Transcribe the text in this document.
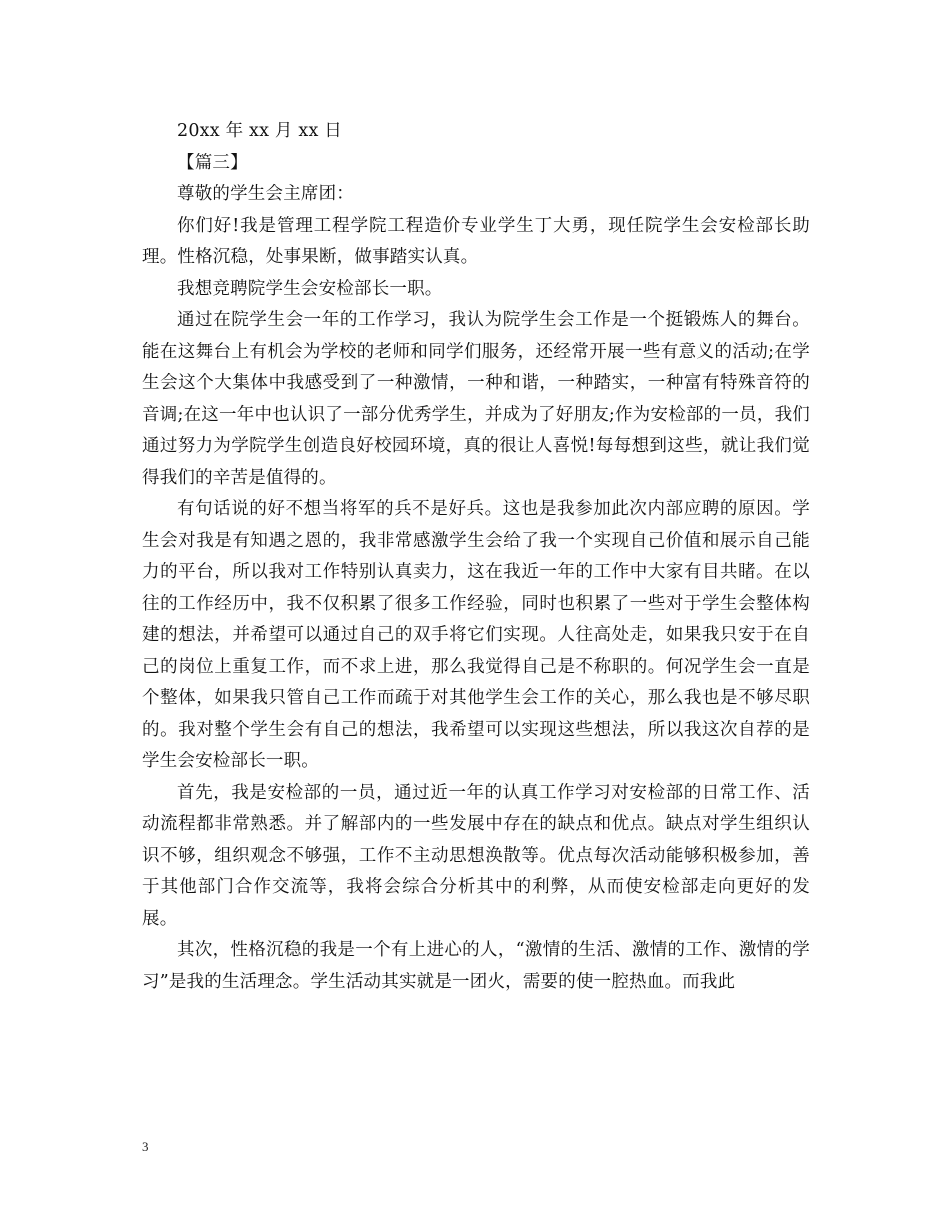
20xx 年 xx 月 xx 日

【篇三】

尊敬的学生会主席团：

你们好!我是管理工程学院工程造价专业学生丁大勇，现任院学生会安检部长助理。性格沉稳，处事果断，做事踏实认真。

我想竞聘院学生会安检部长一职。

通过在院学生会一年的工作学习，我认为院学生会工作是一个挺锻炼人的舞台。能在这舞台上有机会为学校的老师和同学们服务，还经常开展一些有意义的活动;在学生会这个大集体中我感受到了一种激情，一种和谐，一种踏实，一种富有特殊音符的音调;在这一年中也认识了一部分优秀学生，并成为了好朋友;作为安检部的一员，我们通过努力为学院学生创造良好校园环境，真的很让人喜悦!每每想到这些，就让我们觉得我们的辛苦是值得的。

有句话说的好不想当将军的兵不是好兵。这也是我参加此次内部应聘的原因。学生会对我是有知遇之恩的，我非常感激学生会给了我一个实现自己价值和展示自己能力的平台，所以我对工作特别认真卖力，这在我近一年的工作中大家有目共睹。在以往的工作经历中，我不仅积累了很多工作经验，同时也积累了一些对于学生会整体构建的想法，并希望可以通过自己的双手将它们实现。人往高处走，如果我只安于在自己的岗位上重复工作，而不求上进，那么我觉得自己是不称职的。何况学生会一直是个整体，如果我只管自己工作而疏于对其他学生会工作的关心，那么我也是不够尽职的。我对整个学生会有自己的想法，我希望可以实现这些想法，所以我这次自荐的是学生会安检部长一职。

首先，我是安检部的一员，通过近一年的认真工作学习对安检部的日常工作、活动流程都非常熟悉。并了解部内的一些发展中存在的缺点和优点。缺点对学生组织认识不够，组织观念不够强，工作不主动思想涣散等。优点每次活动能够积极参加，善于其他部门合作交流等，我将会综合分析其中的利弊，从而使安检部走向更好的发展。

其次，性格沉稳的我是一个有上进心的人，“激情的生活、激情的工作、激情的学习”是我的生活理念。学生活动其实就是一团火，需要的使一腔热血。而我此

3
